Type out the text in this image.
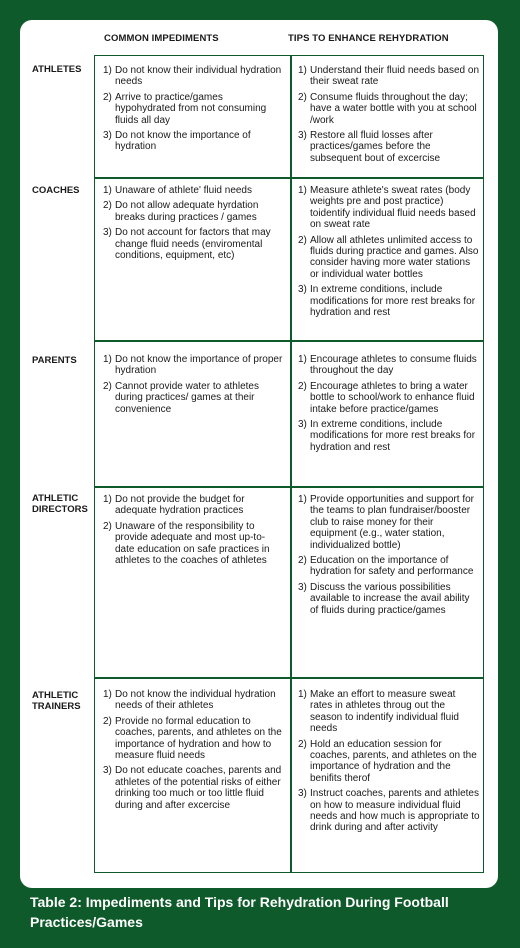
COMMON IMPEDIMENTS	TIPS TO ENHANCE REHYDRATION
ATHLETES
COACHES
PARENTS
ATHLETIC DIRECTORS
ATHLETIC TRAINERS
1) Do not know their individual hydration needs
2) Arrive to practice/games hypohydrated from not consuming fluids all day
3) Do not know the importance of hydration
1) Understand their fluid needs based on their sweat rate
2) Consume fluids throughout the day; have a water bottle with you at school /work
3) Restore all fluid losses after practices/games before the subsequent bout of excercise
1) Unaware of athlete' fluid needs
2) Do not allow adequate hyrdation breaks during practices / games
3) Do not account for factors that may change fluid needs (enviromental conditions, equipment, etc)
1) Measure athlete's sweat rates (body weights pre and post practice) toidentify individual fluid needs based on sweat rate
2) Allow all athletes unlimited access to fluids during practice and games. Also consider having more water stations or individual water bottles
3) In extreme conditions, include modifications for more rest breaks for hydration and rest
1) Do not know the importance of proper hydration
2) Cannot provide water to athletes during practices/ games at their convenience
1) Encourage athletes to consume fluids throughout the day
2) Encourage athletes to bring a water bottle to school/work to enhance fluid intake before practice/games
3) In extreme conditions, include modifications for more rest breaks for hydration and rest
1) Do not provide the budget for adequate hydration practices
2) Unaware of the responsibility to provide adequate and most up-to-date education on safe practices in athletes to the coaches of athletes
1) Provide opportunities and support for the teams to plan fundraiser/booster club to raise money for their equipment (e.g., water station, individualized bottle)
2) Education on the importance of hydration for safety and performance
3) Discuss the various possibilities available to increase the avail ability of fluids during practice/games
1) Do not know the individual hydration needs of their athletes
2) Provide no formal education to coaches, parents, and athletes on the importance of hydration and how to measure fluid needs
3) Do not educate coaches, parents and athletes of the potential risks of either drinking too much or too little fluid during and after excercise
1) Make an effort to measure sweat rates in athletes throug out the season to indentify individual fluid needs
2) Hold an education session for coaches, parents, and athletes on the importance of hydration and the benifits therof
3) Instruct coaches, parents and athletes on how to measure individual fluid needs and how much is appropriate to drink during and after activity
Table 2: Impediments and Tips for Rehydration During Football Practices/Games
